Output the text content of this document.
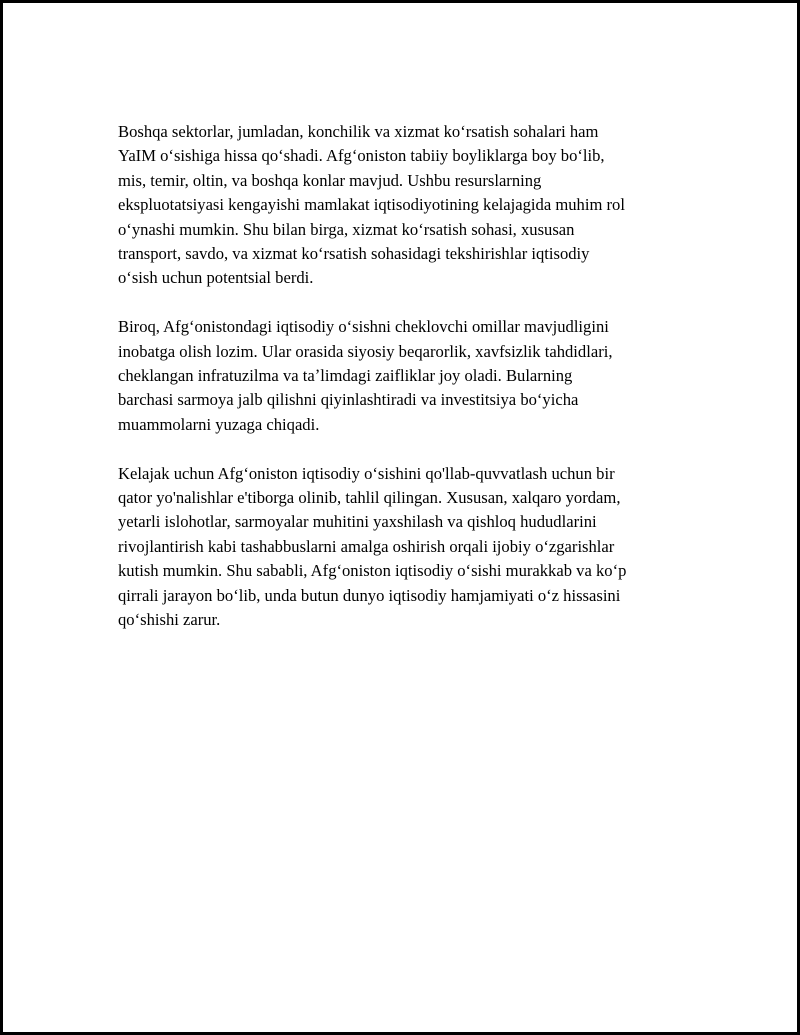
Boshqa sektorlar, jumladan, konchilik va xizmat koʻrsatish sohalari ham
YaIM oʻsishiga hissa qoʻshadi. Afgʻoniston tabiiy boyliklarga boy boʻlib,
mis, temir, oltin, va boshqa konlar mavjud. Ushbu resurslarning
ekspluotatsiyasi kengayishi mamlakat iqtisodiyotining kelajagida muhim rol
oʻynashi mumkin. Shu bilan birga, xizmat koʻrsatish sohasi, xususan
transport, savdo, va xizmat koʻrsatish sohasidagi tekshirishlar iqtisodiy
oʻsish uchun potentsial berdi.

Biroq, Afgʻonistondagi iqtisodiy oʻsishni cheklovchi omillar mavjudligini
inobatga olish lozim. Ular orasida siyosiy beqarorlik, xavfsizlik tahdidlari,
cheklangan infratuzilma va taʼlimdagi zaifliklar joy oladi. Bularning
barchasi sarmoya jalb qilishni qiyinlashtiradi va investitsiya boʻyicha
muammolarni yuzaga chiqadi.

Kelajak uchun Afgʻoniston iqtisodiy oʻsishini qo'llab-quvvatlash uchun bir
qator yo'nalishlar e'tiborga olinib, tahlil qilingan. Xususan, xalqaro yordam,
yetarli islohotlar, sarmoyalar muhitini yaxshilash va qishloq hududlarini
rivojlantirish kabi tashabbuslarni amalga oshirish orqali ijobiy oʻzgarishlar
kutish mumkin. Shu sababli, Afgʻoniston iqtisodiy oʻsishi murakkab va koʻp
qirrali jarayon boʻlib, unda butun dunyo iqtisodiy hamjamiyati oʻz hissasini
qoʻshishi zarur.
